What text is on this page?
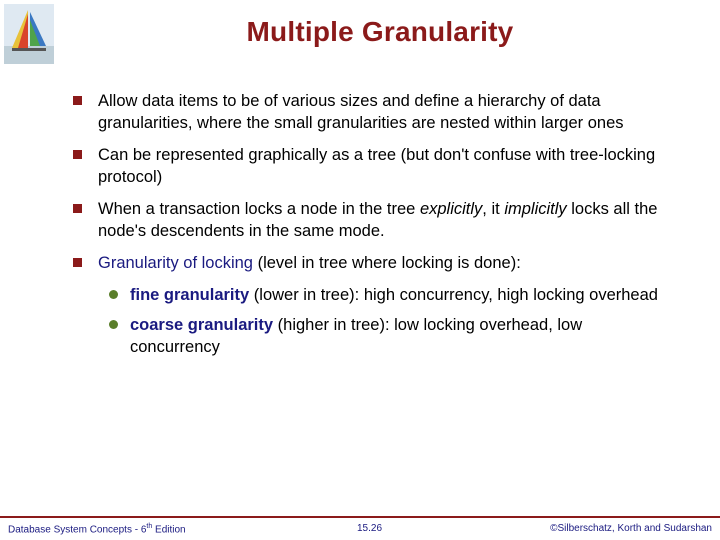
Multiple Granularity
Allow data items to be of various sizes and define a hierarchy of data granularities, where the small granularities are nested within larger ones
Can be represented graphically as a tree (but don't confuse with tree-locking protocol)
When a transaction locks a node in the tree explicitly, it implicitly locks all the node's descendents in the same mode.
Granularity of locking (level in tree where locking is done):
fine granularity (lower in tree): high concurrency, high locking overhead
coarse granularity (higher in tree): low locking overhead, low concurrency
Database System Concepts - 6th Edition	15.26	©Silberschatz, Korth and Sudarshan
